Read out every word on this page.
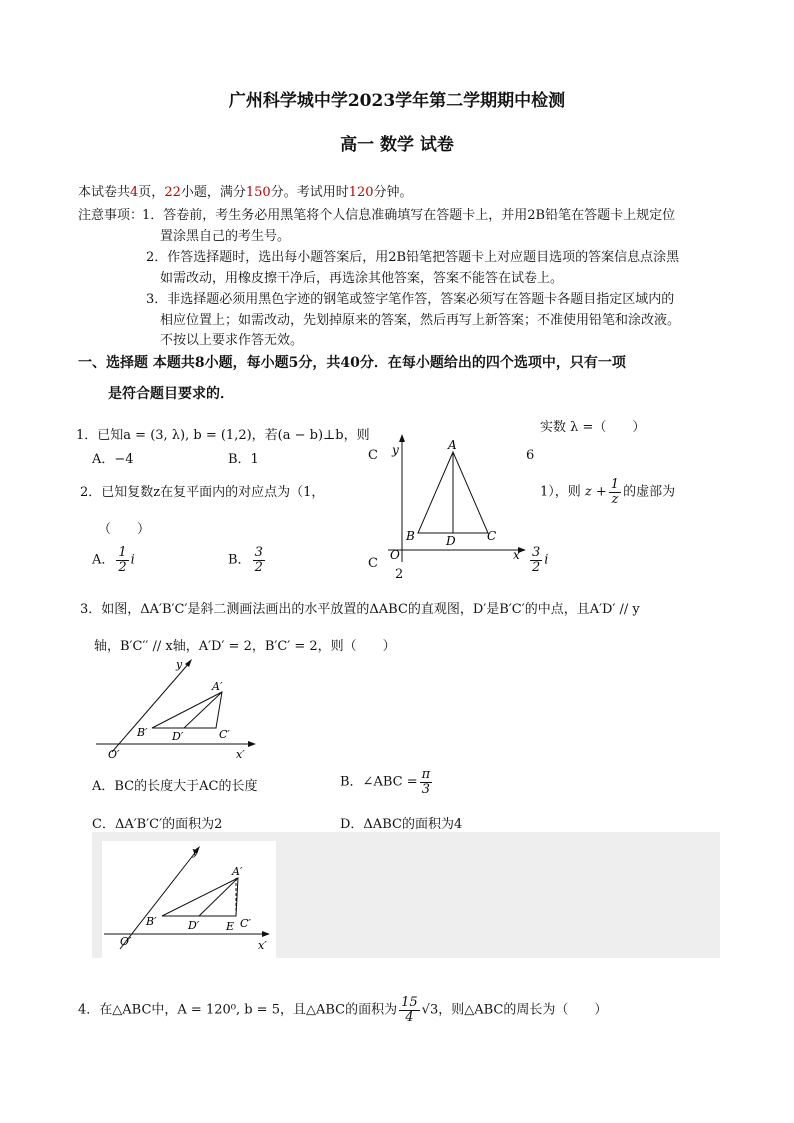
广州科学城中学2023学年第二学期期中检测
高一 数学 试卷
本试卷共4页，22小题，满分150分。考试用时120分钟。
注意事项：
1．答卷前，考生务必用黑笔将个人信息准确填写在答题卡上，并用2B铅笔在答题卡上规定位
置涂黑自己的考生号。
2．作答选择题时，选出每小题答案后，用2B铅笔把答题卡上对应题目选项的答案信息点涂黑
如需改动，用橡皮擦干净后，再选涂其他答案，答案不能答在试卷上。
3．非选择题必须用黑色字迹的钢笔或签字笔作答，答案必须写在答题卡各题目指定区域内的
相应位置上；如需改动，先划掉原来的答案，然后再写上新答案；不准使用铅笔和涂改液。
不按以上要求作答无效。
一、选择题 本题共8小题，每小题5分，共40分．在每小题给出的四个选项中，只有一项
是符合题目要求的．
1．已知a = (3, λ), b = (1,2)，若(a − b)⊥b，则
实数 λ =（　　）
A．−4	B．1	C	6
2．已知复数z在复平面内的对应点为（1，	1），则 $z + \frac{1}{z}$ 的虚部为
（　　）
A． $\frac{1}{2}$ i	B． $\frac{3}{2}$	C
2
$\frac{3}{2}$ i
y
x
A
B	C
D
O
3．如图，ΔA′B′C′是斜二测画法画出的水平放置的ΔABC的直观图，D′是B′C′的中点，且A′D′ // y
轴，B′C′′ // x轴，A′D′ = 2，B′C′ = 2，则（　　）
y
x′
A′
B′	C′
D′
O′
A．BC的长度大于AC的长度	B．∠ABC = $\frac{\pi}{3}$
C．ΔA′B′C′的面积为2	D．ΔABC的面积为4
y
x′
A′
B′	C′
D′ E
O′
4．在△ABC中，A = 120⁰, b = 5，且△ABC的面积为 $\frac{15}{4} √3$，则△ABC的周长为（　　）
